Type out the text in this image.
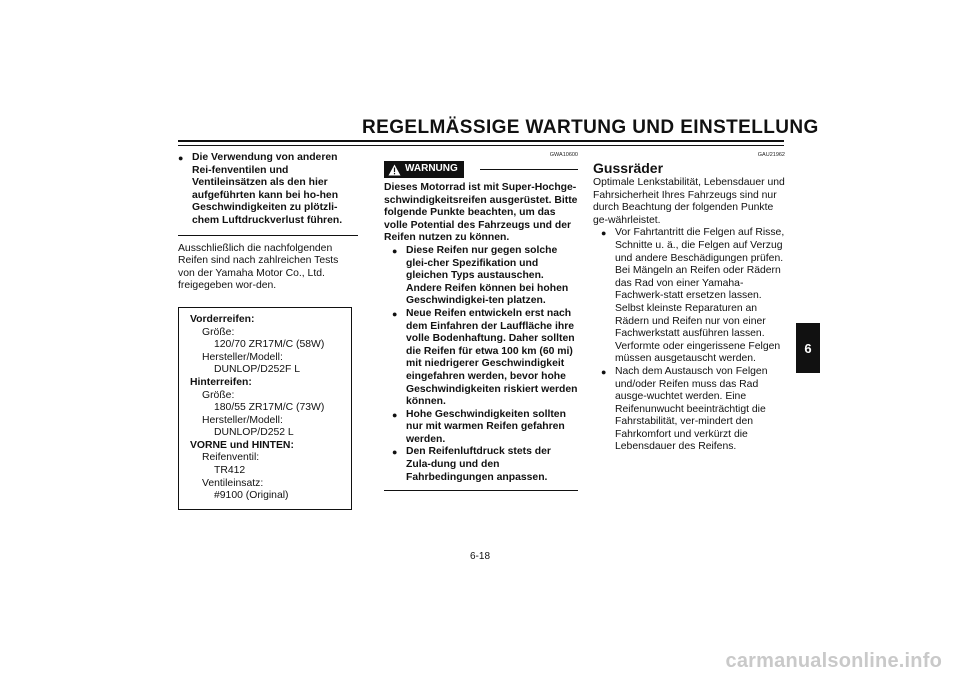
REGELMÄSSIGE WARTUNG UND EINSTELLUNG
● Die Verwendung von anderen Rei-fenventilen und Ventileinsätzen als den hier aufgeführten kann bei ho-hen Geschwindigkeiten zu plötzli-chem Luftdruckverlust führen.
Ausschließlich die nachfolgenden Reifen sind nach zahlreichen Tests von der Yamaha Motor Co., Ltd. freigegeben wor-den.
Vorderreifen:
Größe:
120/70 ZR17M/C (58W)
Hersteller/Modell:
DUNLOP/D252F L
Hinterreifen:
Größe:
180/55 ZR17M/C (73W)
Hersteller/Modell:
DUNLOP/D252 L
VORNE und HINTEN:
Reifenventil:
TR412
Ventileinsatz:
#9100 (Original)
GWA10600
WARNUNG
Dieses Motorrad ist mit Super-Hochge-schwindigkeitsreifen ausgerüstet. Bitte folgende Punkte beachten, um das volle Potential des Fahrzeugs und der Reifen nutzen zu können.
● Diese Reifen nur gegen solche glei-cher Spezifikation und gleichen Typs austauschen. Andere Reifen können bei hohen Geschwindigkei-ten platzen.
● Neue Reifen entwickeln erst nach dem Einfahren der Lauffläche ihre volle Bodenhaftung. Daher sollten die Reifen für etwa 100 km (60 mi) mit niedrigerer Geschwindigkeit eingefahren werden, bevor hohe Geschwindigkeiten riskiert werden können.
● Hohe Geschwindigkeiten sollten nur mit warmen Reifen gefahren werden.
● Den Reifenluftdruck stets der Zula-dung und den Fahrbedingungen anpassen.
GAU21962
Gussräder
Optimale Lenkstabilität, Lebensdauer und Fahrsicherheit Ihres Fahrzeugs sind nur durch Beachtung der folgenden Punkte ge-währleistet.
● Vor Fahrtantritt die Felgen auf Risse, Schnitte u. ä., die Felgen auf Verzug und andere Beschädigungen prüfen. Bei Mängeln an Reifen oder Rädern das Rad von einer Yamaha-Fachwerk-statt ersetzen lassen. Selbst kleinste Reparaturen an Rädern und Reifen nur von einer Fachwerkstatt ausführen lassen. Verformte oder eingerissene Felgen müssen ausgetauscht werden.
● Nach dem Austausch von Felgen und/oder Reifen muss das Rad ausge-wuchtet werden. Eine Reifenunwucht beeinträchtigt die Fahrstabilität, ver-mindert den Fahrkomfort und verkürzt die Lebensdauer des Reifens.
6
6-18
carmanualsonline.info
